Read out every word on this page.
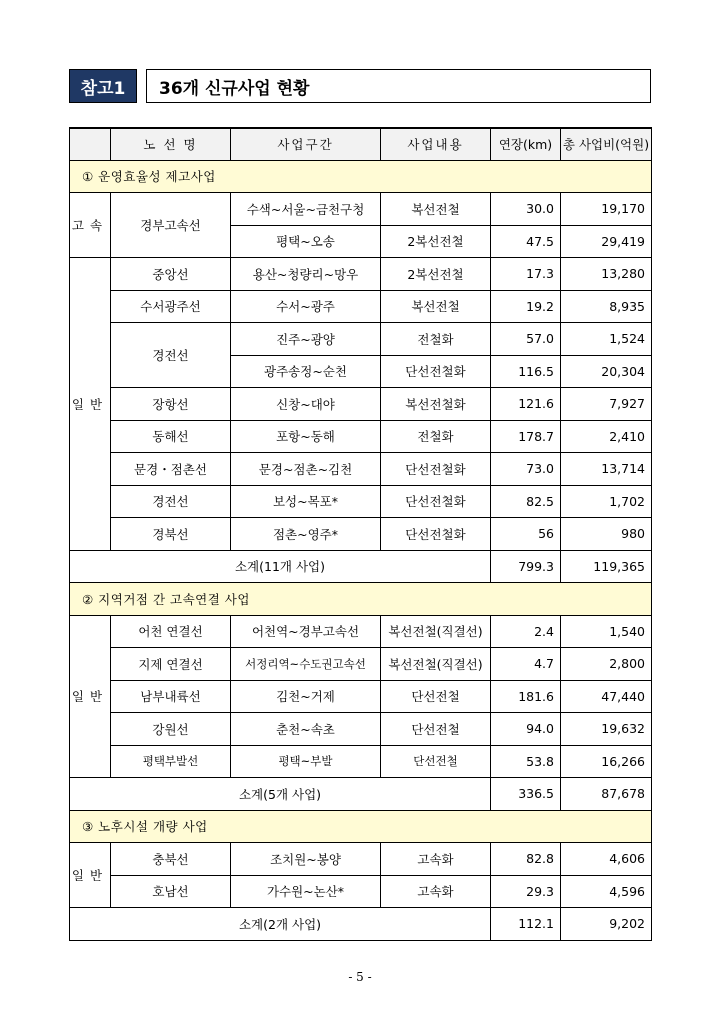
참고1	36개 신규사업 현황
	노 선 명	사업구간	사업내용	연장(km)	총 사업비(억원)
① 운영효율성 제고사업					
고속	경부고속선	수색~서울~금천구청	복선전철	30.0	19,170
		평택~오송	2복선전철	47.5	29,419
일반	중앙선	용산~청량리~망우	2복선전철	17.3	13,280
	수서광주선	수서~광주	복선전철	19.2	8,935
	경전선	진주~광양	전철화	57.0	1,524
		광주송정~순천	단선전철화	116.5	20,304
	장항선	신창~대야	복선전철화	121.6	7,927
	동해선	포항~동해	전철화	178.7	2,410
	문경・점촌선	문경~점촌~김천	단선전철화	73.0	13,714
	경전선	보성~목포*	단선전철화	82.5	1,702
	경북선	점촌~영주*	단선전철화	56	980
소계(11개 사업)				799.3	119,365
② 지역거점 간 고속연결 사업					
일반	어천 연결선	어천역~경부고속선	복선전철(직결선)	2.4	1,540
	지제 연결선	서정리역~수도권고속선	복선전철(직결선)	4.7	2,800
	남부내륙선	김천~거제	단선전철	181.6	47,440
	강원선	춘천~속초	단선전철	94.0	19,632
	평택부발선	평택~부발	단선전철	53.8	16,266
소계(5개 사업)				336.5	87,678
③ 노후시설 개량 사업					
일반	충북선	조치원~봉양	고속화	82.8	4,606
	호남선	가수원~논산*	고속화	29.3	4,596
소계(2개 사업)				112.1	9,202
- 5 -
